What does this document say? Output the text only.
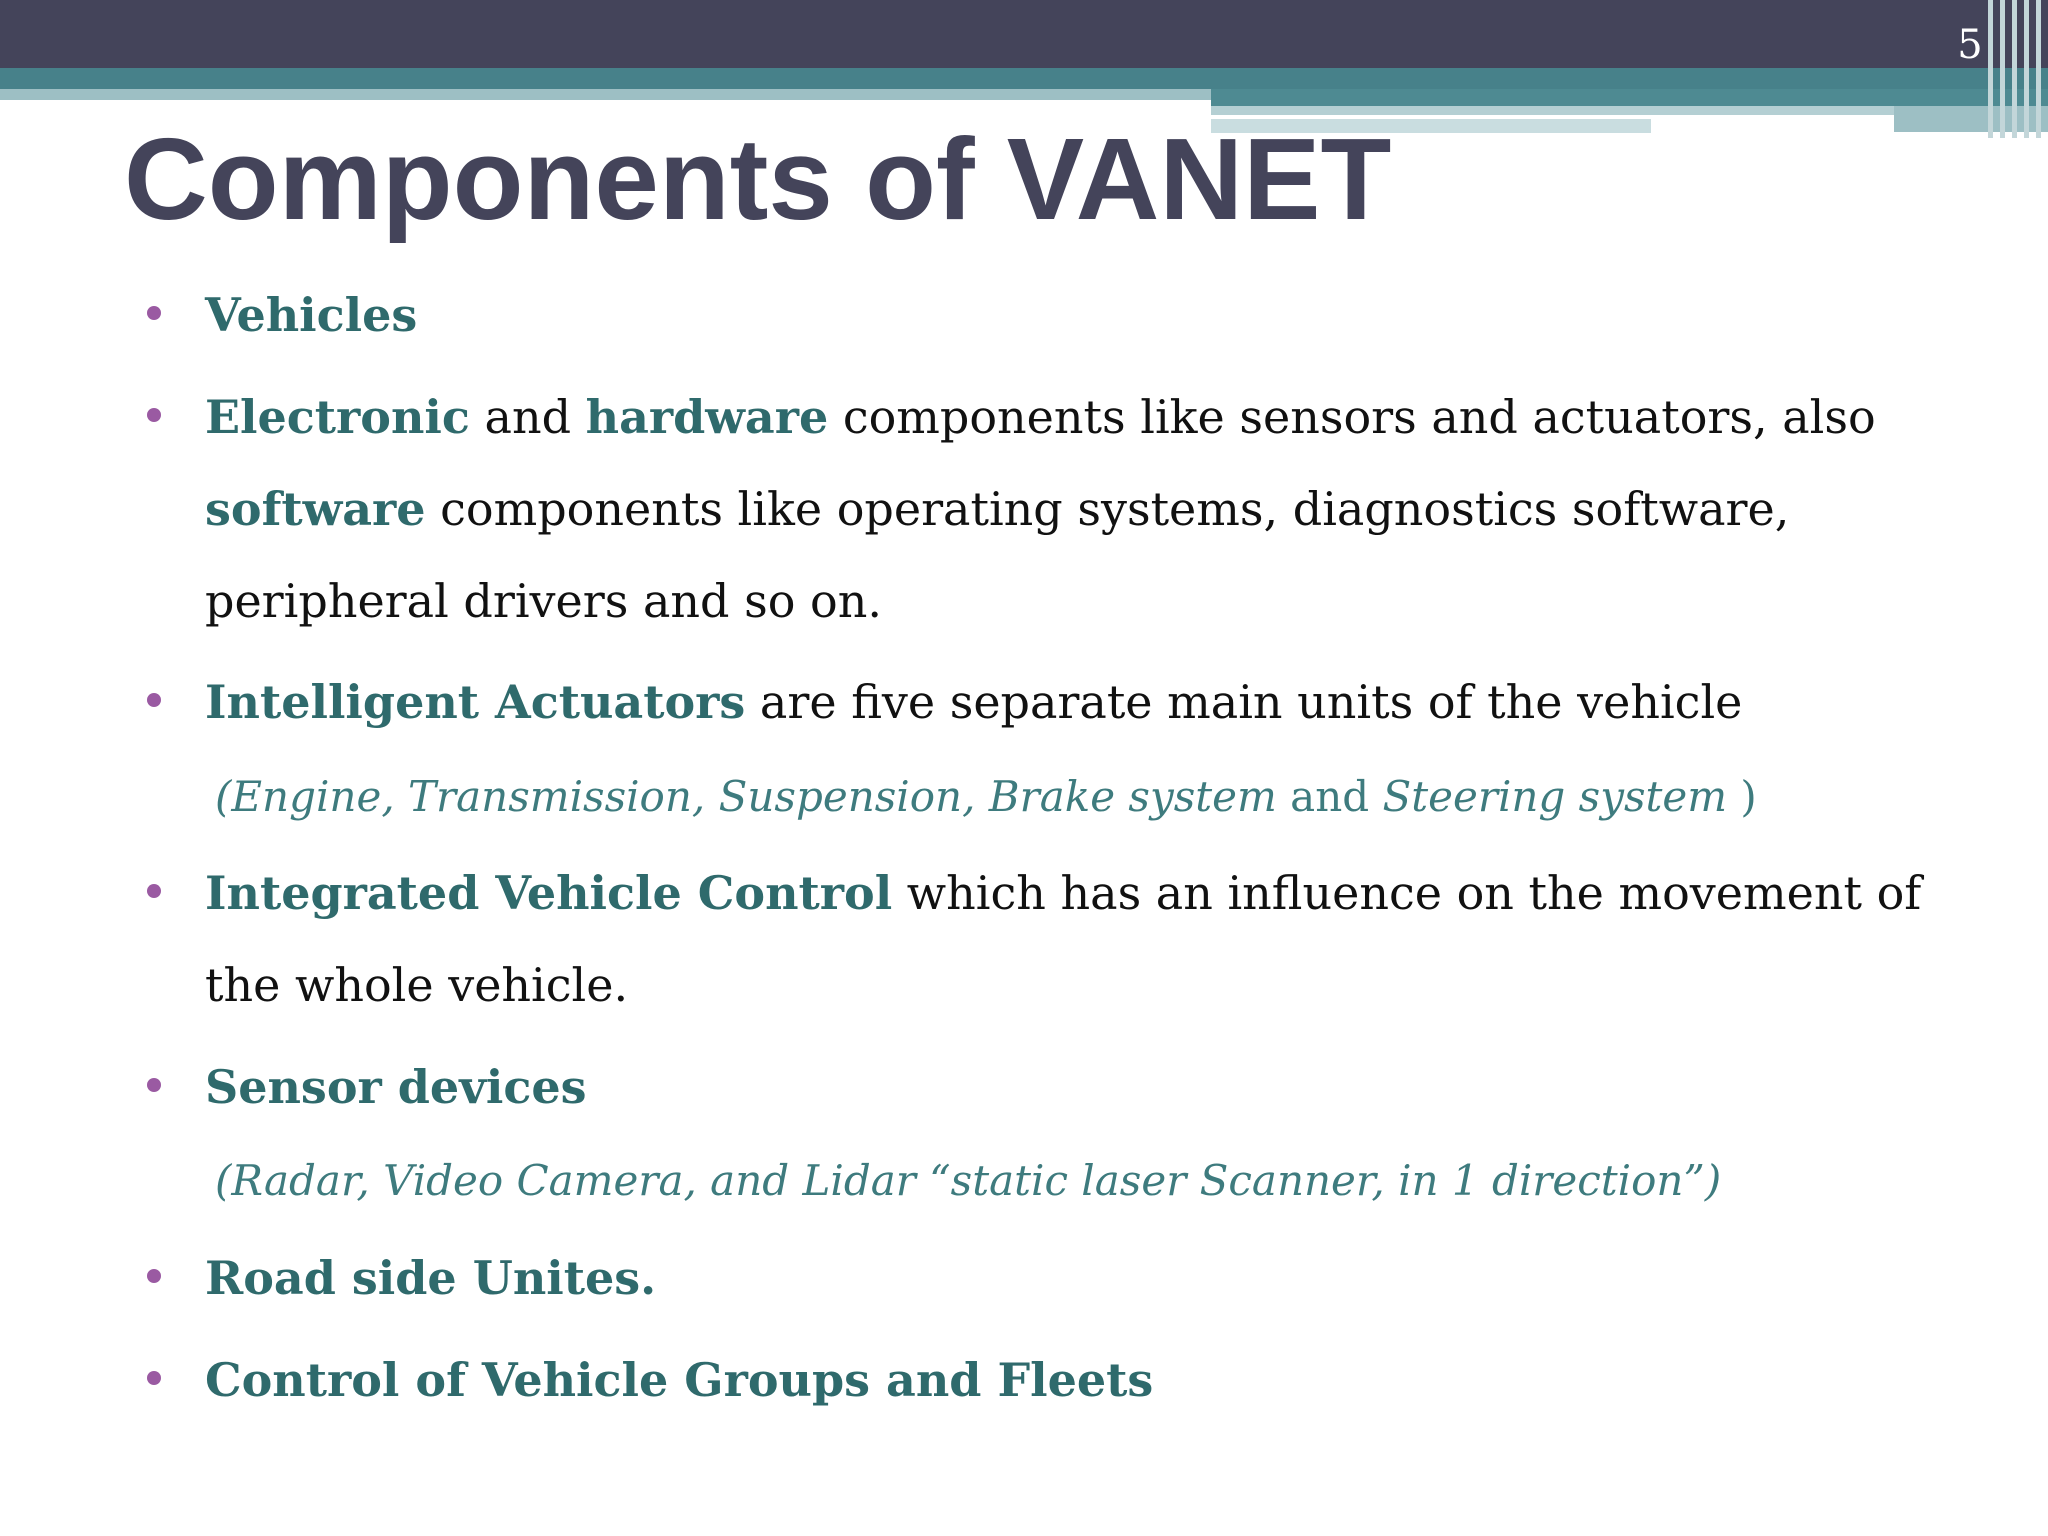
5
Components of VANET
Vehicles
Electronic and hardware components like sensors and actuators, also
software components like operating systems, diagnostics software,
peripheral drivers and so on.
Intelligent Actuators are five separate main units of the vehicle
(Engine, Transmission, Suspension, Brake system and Steering system )
Integrated Vehicle Control which has an influence on the movement of
the whole vehicle.
Sensor devices
(Radar, Video Camera, and Lidar “static laser Scanner, in 1 direction”)
Road side Unites.
Control of Vehicle Groups and Fleets
